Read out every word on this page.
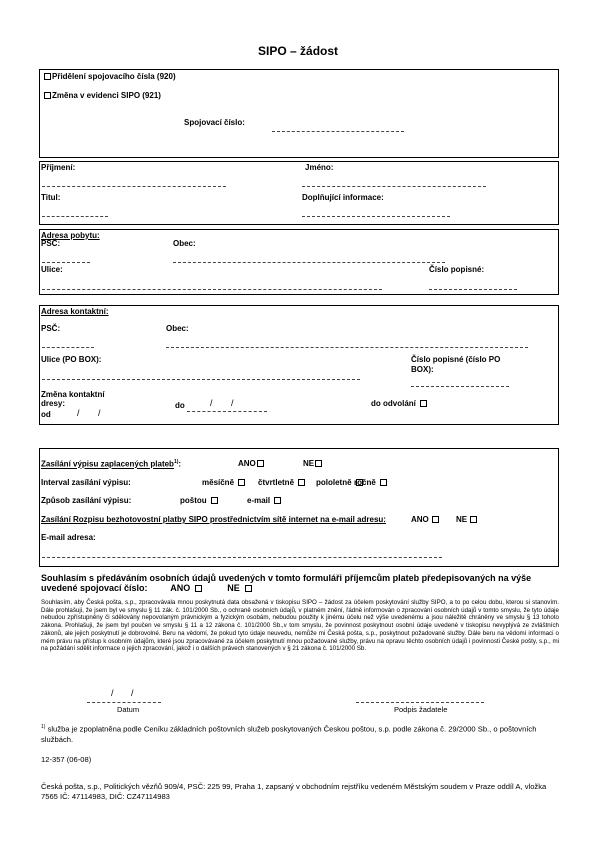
SIPO – žádost
Přidělení spojovacího čísla (920)
Změna v evidenci SIPO (921)
Spojovací číslo:
Příjmení:	Jméno:
Titul:	Doplňující informace:
Adresa pobytu:
PSČ:	Obec:
Ulice:	Číslo popisné:
Adresa kontaktní:
PSČ:	Obec:
Ulice (PO BOX):	Číslo popisné (číslo PO BOX):
Změna kontaktní
dresy:
od	/ /
do	/ /	do odvolání
Zasílání výpisu zaplacených plateb$^{1)}$:	ANO	NE
Interval zasílání výpisu:	měsíčně	čtvrtletně	pololetně ročně
Způsob zasílání výpisu:	poštou	e-mail
Zasílání Rozpisu bezhotovostní platby SIPO prostřednictvím sítě internet na e-mail adresu:	ANO	NE
E-mail adresa:
Souhlasím s předáváním osobních údajů uvedených v tomto formuláři příjemcům plateb předepisovaných na výše uvedené spojovací číslo:	ANO	NE
Souhlasím, aby Česká pošta, s.p., zpracovávala mnou poskytnutá data obsažená v tiskopisu SIPO – žádost za účelem poskytování služby SIPO, a to po celou dobu, kterou si stanovím. Dále prohlašuji, že jsem byl ve smyslu § 11 zák. č. 101/2000 Sb., o ochraně osobních údajů, v platném znění, řádně informován o zpracování osobních údajů v tomto smyslu, že tyto údaje nebudou zpřístupněny či sdělovány nepovolaným právnickým a fyzickým osobám, nebudou použity k jinému účelu než výše uvedenému a jsou náležitě chráněny ve smyslu § 13 tohoto zákona. Prohlašuji, že jsem byl poučen ve smyslu § 11 a 12 zákona č. 101/2000 Sb.,v tom smyslu, že povinnost poskytnout osobní údaje uvedené v tiskopisu nevyplývá ze zvláštních zákonů, ale jejich poskytnutí je dobrovolné. Beru na vědomí, že pokud tyto údaje neuvedu, nemůže mi Česká pošta, s.p., poskytnout požadované služby. Dále beru na vědomí informaci o mém právu na přístup k osobním údajům, které jsou zpracovávané za účelem poskytnutí mnou požadované služby, právu na opravu těchto osobních údajů i povinnosti České pošty, s.p., mi na požádání sdělit informace o jejich zpracování, jakož i o dalších právech stanovených v § 21 zákona č. 101/2000 Sb.
/ /
Datum	Podpis žadatele
$^{1)}$ služba je zpoplatněna podle Ceníku základních poštovních služeb poskytovaných Českou poštou, s.p. podle zákona č. 29/2000 Sb., o poštovních službách.
12-357 (06-08)
Česká pošta, s.p., Politických vězňů 909/4, PSČ: 225 99, Praha 1, zapsaný v obchodním rejstříku vedeném Městským soudem v Praze oddíl A, vložka 7565 IČ: 47114983, DIČ: CZ47114983
